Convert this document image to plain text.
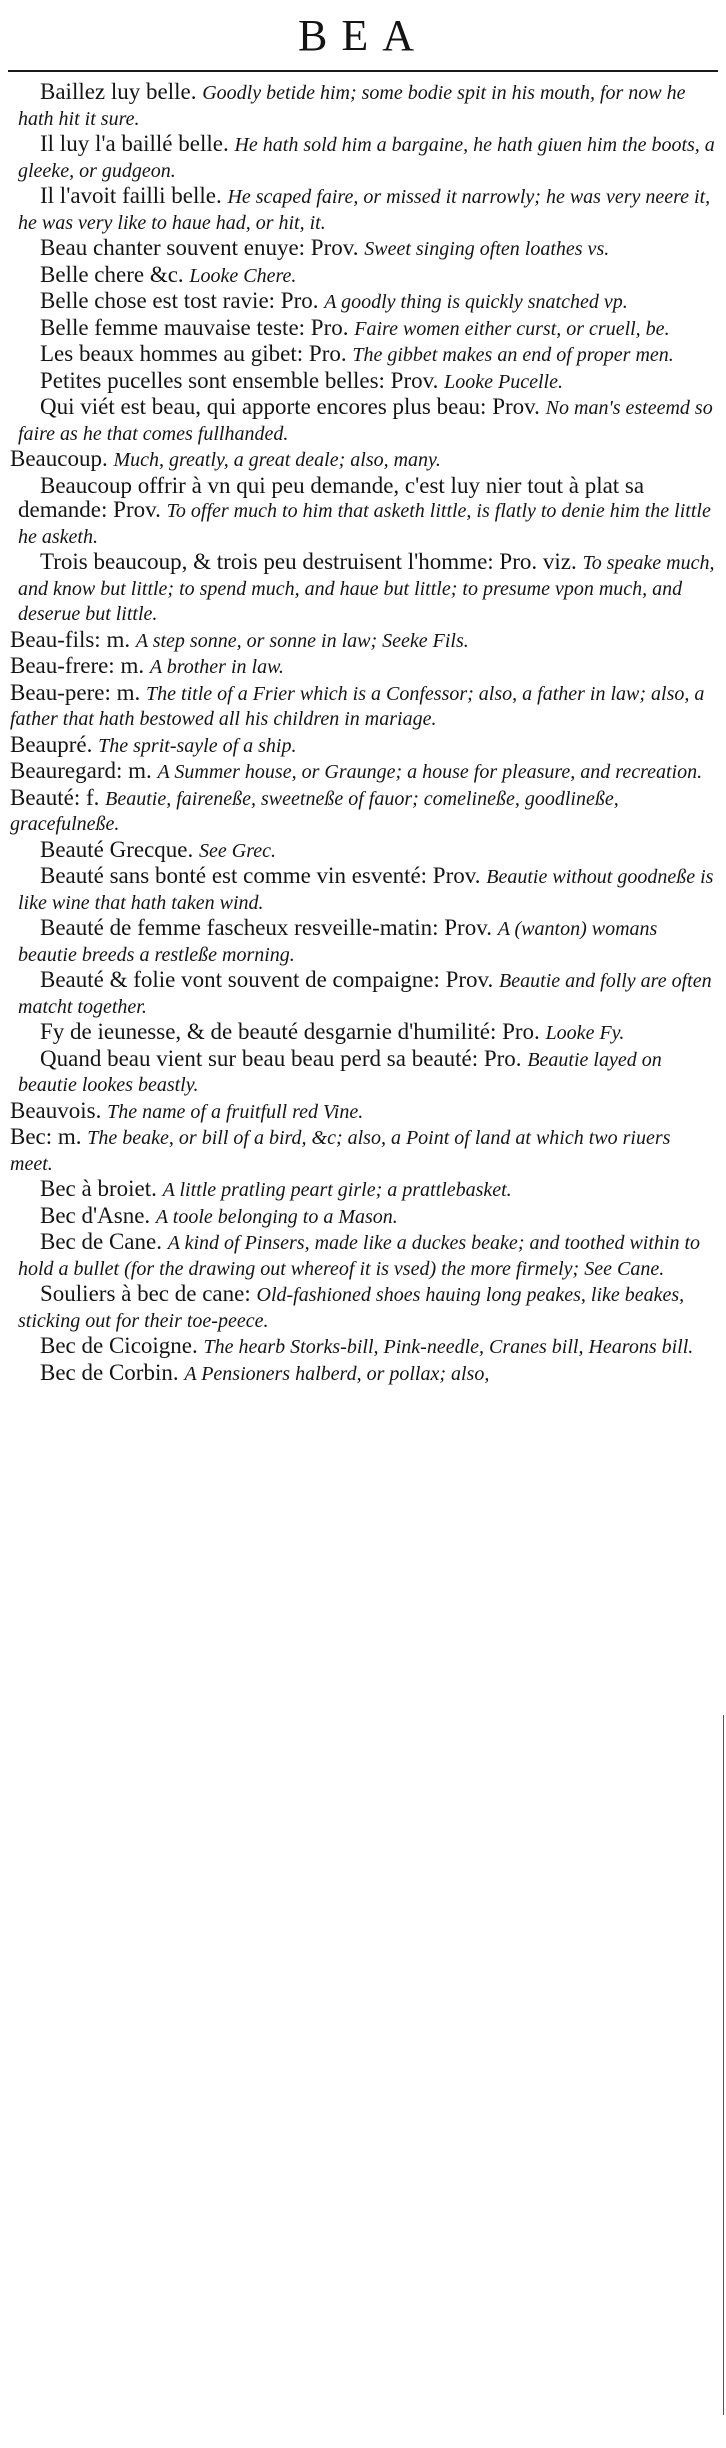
BEA
Baillez luy belle. Goodly betide him; some bodie spit in his mouth, for now he hath hit it sure.
Il luy l'a baillé belle. He hath sold him a bargaine, he hath giuen him the boots, a gleeke, or gudgeon.
Il l'avoit failli belle. He scaped faire, or missed it narrowly; he was very neere it, he was very like to haue had, or hit, it.
Beau chanter souvent enuye: Prov. Sweet singing often loathes vs.
Belle chere &c. Looke Chere.
Belle chose est tost ravie: Pro. A goodly thing is quickly snatched vp.
Belle femme mauvaise teste: Pro. Faire women either curst, or cruell, be.
Les beaux hommes au gibet: Pro. The gibbet makes an end of proper men.
Petites pucelles sont ensemble belles: Prov. Looke Pucelle.
Qui viét est beau, qui apporte encores plus beau: Prov. No man's esteemd so faire as he that comes fullhanded.
Beaucoup. Much, greatly, a great deale; also, many.
Beaucoup offrir à vn qui peu demande, c'est luy nier tout à plat sa demande: Prov. To offer much to him that asketh little, is flatly to denie him the little he asketh.
Trois beaucoup, & trois peu destruisent l'homme: Pro. viz. To speake much, and know but little; to spend much, and haue but little; to presume vpon much, and deserue but little.
Beau-fils: m. A step sonne, or sonne in law; Seeke Fils.
Beau-frere: m. A brother in law.
Beau-pere: m. The title of a Frier which is a Confessor; also, a father in law; also, a father that hath bestowed all his children in mariage.
Beaupré. The sprit-sayle of a ship.
Beauregard: m. A Summer house, or Graunge; a house for pleasure, and recreation.
Beauté: f. Beautie, faireneße, sweetneße of fauor; comelineße, goodlineße, gracefulneße.
Beauté Grecque. See Grec.
Beauté sans bonté est comme vin esventé: Prov. Beautie without goodneße is like wine that hath taken wind.
Beauté de femme fascheux resveille-matin: Prov. A (wanton) womans beautie breeds a restleße morning.
Beauté & folie vont souvent de compaigne: Prov. Beautie and folly are often matcht together.
Fy de ieunesse, & de beauté desgarnie d'humilité: Pro. Looke Fy.
Quand beau vient sur beau beau perd sa beauté: Pro. Beautie layed on beautie lookes beastly.
Beauvois. The name of a fruitfull red Vine.
Bec: m. The beake, or bill of a bird, &c; also, a Point of land at which two riuers meet.
Bec à broiet. A little pratling peart girle; a prattlebasket.
Bec d'Asne. A toole belonging to a Mason.
Bec de Cane. A kind of Pinsers, made like a duckes beake; and toothed within to hold a bullet (for the drawing out whereof it is vsed) the more firmely; See Cane.
Souliers à bec de cane: Old-fashioned shoes hauing long peakes, like beakes, sticking out for their toe-peece.
Bec de Cicoigne. The hearb Storks-bill, Pink-needle, Cranes bill, Hearons bill.
Bec de Corbin. A Pensioners halberd, or pollax; also,
